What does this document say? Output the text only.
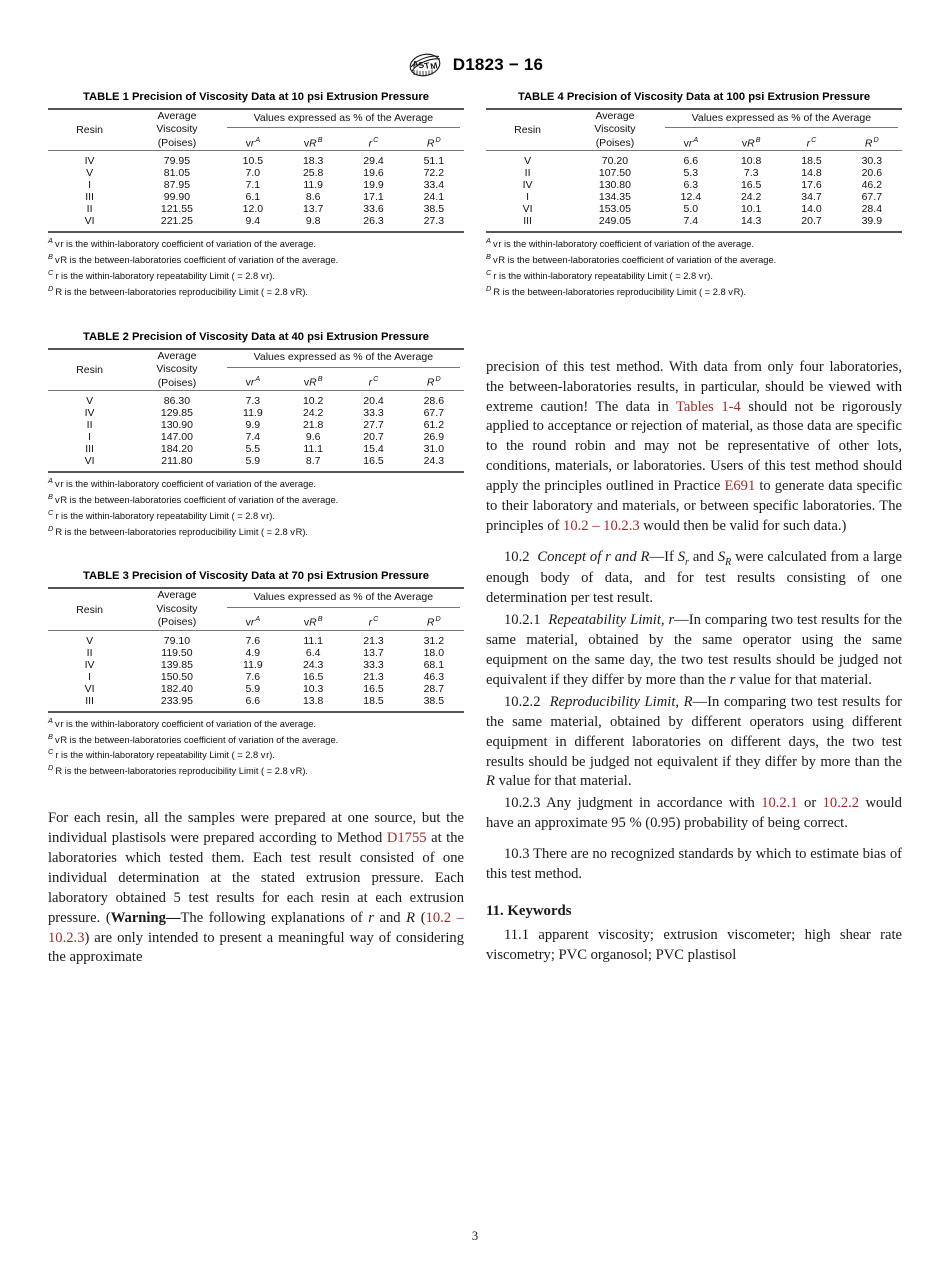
A
S
T
M D1823 − 16
TABLE 1 Precision of Viscosity Data at 10 psi Extrusion Pressure
Resin	Average
Viscosity
(Poises)	Values expressed as % of the Average			

		$vr^A$	$vR^B$	$r^C$	$R^D$
IV	79.95	10.5	18.3	29.4	51.1
V	81.05	7.0	25.8	19.6	72.2
I	87.95	7.1	11.9	19.9	33.4
III	99.90	6.1	8.6	17.1	24.1
II	121.55	12.0	13.7	33.6	38.5
VI	221.25	9.4	9.8	26.3	27.3
$^A$ v r is the within-laboratory coefficient of variation of the average.
$^B$ v R is the between-laboratories coefficient of variation of the average.
$^C$ r is the within-laboratory repeatability Limit ( = 2.8 v r).
$^D$ R is the between-laboratories reproducibility Limit ( = 2.8 v R).
TABLE 2 Precision of Viscosity Data at 40 psi Extrusion Pressure
Resin	Average
Viscosity
(Poises)	Values expressed as % of the Average			

		$vr^A$	$vR^B$	$r^C$	$R^D$
V	86.30	7.3	10.2	20.4	28.6
IV	129.85	11.9	24.2	33.3	67.7
II	130.90	9.9	21.8	27.7	61.2
I	147.00	7.4	9.6	20.7	26.9
III	184.20	5.5	11.1	15.4	31.0
VI	211.80	5.9	8.7	16.5	24.3
$^A$ v r is the within-laboratory coefficient of variation of the average.
$^B$ v R is the between-laboratories coefficient of variation of the average.
$^C$ r is the within-laboratory repeatability Limit ( = 2.8 v r).
$^D$ R is the between-laboratories reproducibility Limit ( = 2.8 v R).
TABLE 3 Precision of Viscosity Data at 70 psi Extrusion Pressure
Resin	Average
Viscosity
(Poises)	Values expressed as % of the Average			

		$vr^A$	$vR^B$	$r^C$	$R^D$
V	79.10	7.6	11.1	21.3	31.2
II	119.50	4.9	6.4	13.7	18.0
IV	139.85	11.9	24.3	33.3	68.1
I	150.50	7.6	16.5	21.3	46.3
VI	182.40	5.9	10.3	16.5	28.7
III	233.95	6.6	13.8	18.5	38.5
$^A$ v r is the within-laboratory coefficient of variation of the average.
$^B$ v R is the between-laboratories coefficient of variation of the average.
$^C$ r is the within-laboratory repeatability Limit ( = 2.8 v r).
$^D$ R is the between-laboratories reproducibility Limit ( = 2.8 v R).

For each resin, all the samples were prepared at one source, but the individual plastisols were prepared according to Method D1755 at the laboratories which tested them. Each test result consisted of one individual determination at the stated extrusion pressure. Each laboratory obtained 5 test results for each resin at each extrusion pressure. (Warning—The following explanations of r and R (10.2 – 10.2.3) are only intended to present a meaningful way of considering the approximate

TABLE 4 Precision of Viscosity Data at 100 psi Extrusion Pressure
Resin	Average
Viscosity
(Poises)	Values expressed as % of the Average			

		$vr^A$	$vR^B$	$r^C$	$R^D$
V	70.20	6.6	10.8	18.5	30.3
II	107.50	5.3	7.3	14.8	20.6
IV	130.80	6.3	16.5	17.6	46.2
I	134.35	12.4	24.2	34.7	67.7
VI	153.05	5.0	10.1	14.0	28.4
III	249.05	7.4	14.3	20.7	39.9
$^A$ v r is the within-laboratory coefficient of variation of the average.
$^B$ v R is the between-laboratories coefficient of variation of the average.
$^C$ r is the within-laboratory repeatability Limit ( = 2.8 v r).
$^D$ R is the between-laboratories reproducibility Limit ( = 2.8 v R).

precision of this test method. With data from only four laboratories, the between-laboratories results, in particular, should be viewed with extreme caution! The data in Tables 1-4 should not be rigorously applied to acceptance or rejection of material, as those data are specific to the round robin and may not be representative of other lots, conditions, materials, or laboratories. Users of this test method should apply the principles outlined in Practice E691 to generate data specific to their laboratory and materials, or between specific laboratories. The principles of 10.2 – 10.2.3 would then be valid for such data.)

10.2 Concept of r and R—If $S_r$ and $S_R$ were calculated from a large enough body of data, and for test results consisting of one determination per test result.

10.2.1 Repeatability Limit, r—In comparing two test results for the same material, obtained by the same operator using the same equipment on the same day, the two test results should be judged not equivalent if they differ by more than the r value for that material.

10.2.2 Reproducibility Limit, R—In comparing two test results for the same material, obtained by different operators using different equipment in different laboratories on different days, the two test results should be judged not equivalent if they differ by more than the R value for that material.

10.2.3 Any judgment in accordance with 10.2.1 or 10.2.2 would have an approximate 95 % (0.95) probability of being correct.

10.3 There are no recognized standards by which to estimate bias of this test method.

11. Keywords

11.1 apparent viscosity; extrusion viscometer; high shear rate viscometry; PVC organosol; PVC plastisol

3
